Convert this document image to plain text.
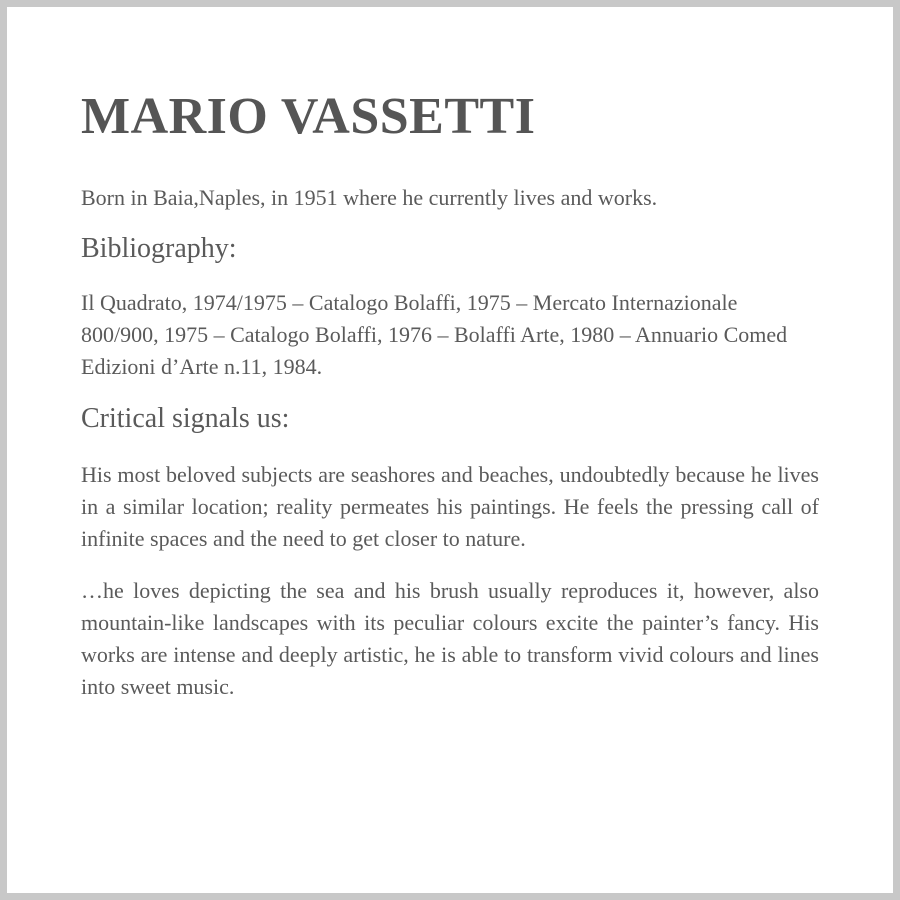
MARIO VASSETTI

Born in Baia,Naples, in 1951 where he currently lives and works.

Bibliography:

Il Quadrato, 1974/1975 – Catalogo Bolaffi, 1975 – Mercato Internazionale 800/900, 1975 – Catalogo Bolaffi, 1976 – Bolaffi Arte, 1980 – Annuario Comed Edizioni d’Arte n.11, 1984.

Critical signals us:

His most beloved subjects are seashores and beaches, undoubtedly because he lives in a similar location; reality permeates his paintings. He feels the pressing call of infinite spaces and the need to get closer to nature.

…he loves depicting the sea and his brush usually reproduces it, however, also mountain-like landscapes with its peculiar colours excite the painter’s fancy. His works are intense and deeply artistic, he is able to transform vivid colours and lines into sweet music.
